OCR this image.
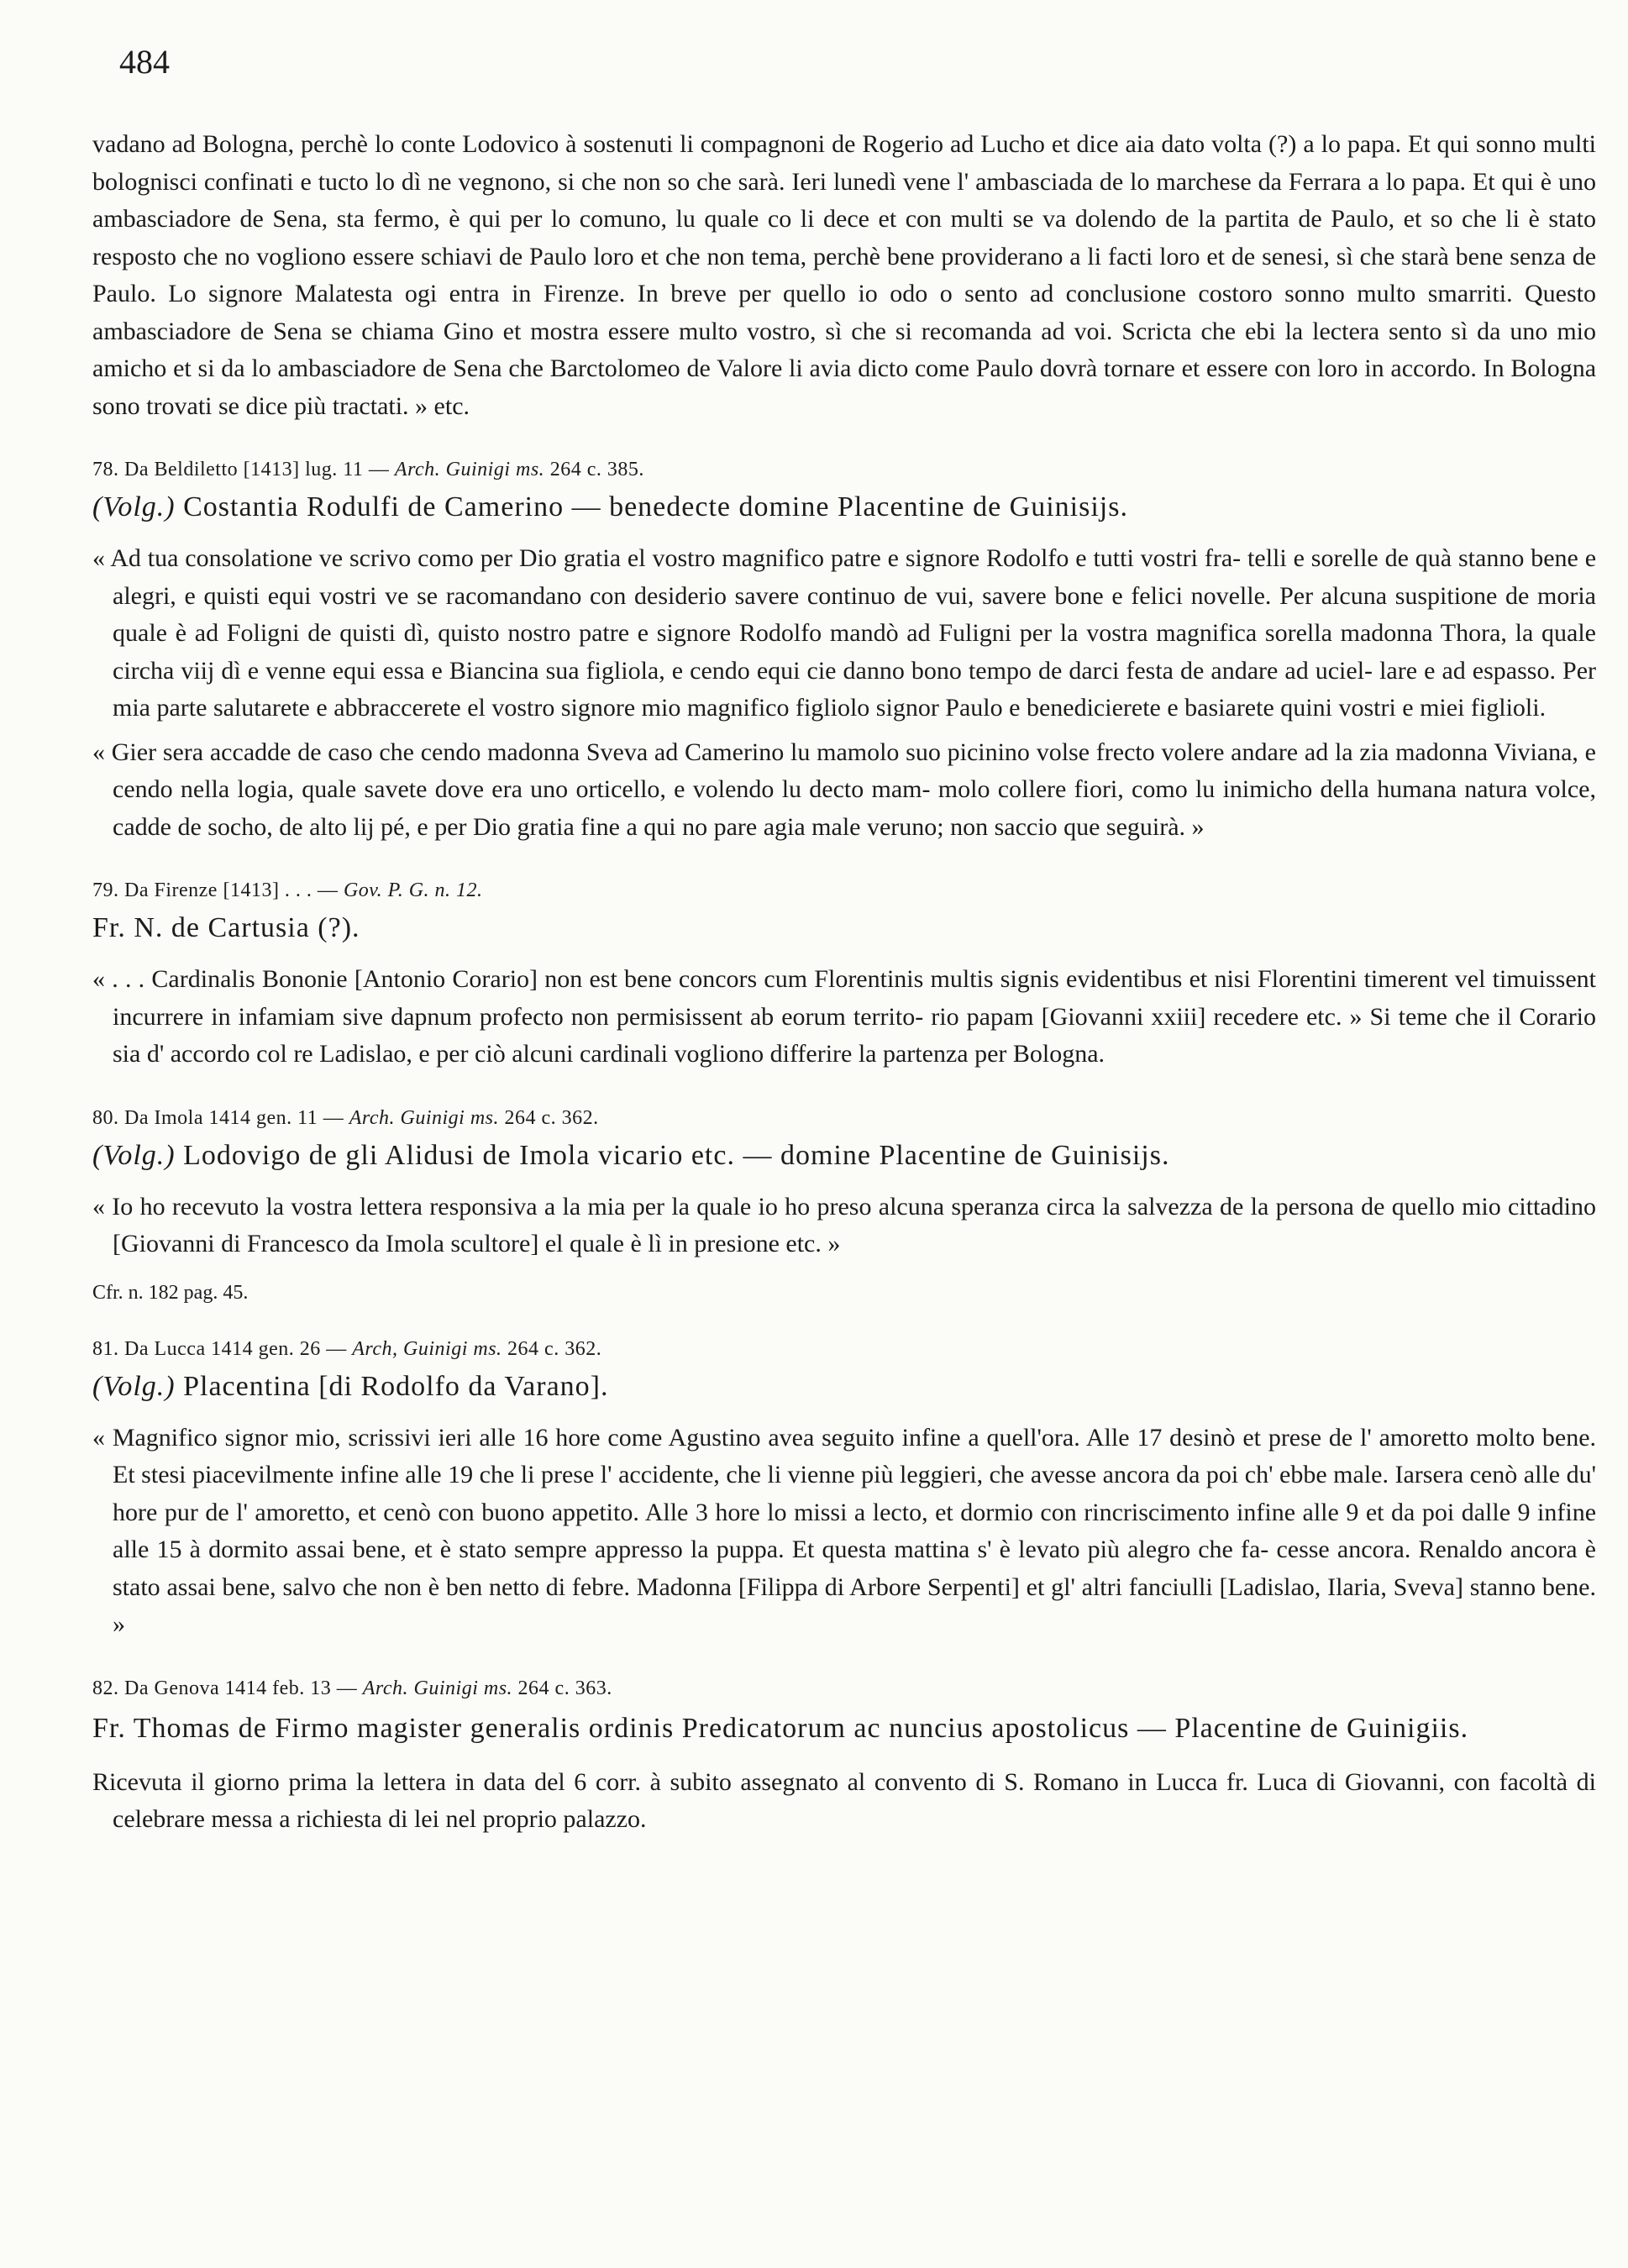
484

vadano ad Bologna, perchè lo conte Lodovico à sostenuti li compagnoni de Rogerio ad Lucho et dice aia dato volta (?) a lo papa. Et qui sonno multi bolognisci confinati e tucto lo dì ne vegnono, si che non so che sarà. Ieri lunedì vene l' ambasciada de lo marchese da Ferrara a lo papa. Et qui è uno ambasciadore de Sena, sta fermo, è qui per lo comuno, lu quale co li dece et con multi se va dolendo de la partita de Paulo, et so che li è stato resposto che no vogliono essere schiavi de Paulo loro et che non tema, perchè bene providerano a li facti loro et de senesi, sì che starà bene senza de Paulo. Lo signore Malatesta ogi entra in Firenze. In breve per quello io odo o sento ad conclusione costoro sonno multo smarriti. Questo ambasciadore de Sena se chiama Gino et mostra essere multo vostro, sì che si recomanda ad voi. Scricta che ebi la lectera sento sì da uno mio amicho et si da lo ambasciadore de Sena che Barctolomeo de Valore li avia dicto come Paulo dovrà tornare et essere con loro in accordo. In Bologna sono trovati se dice più tractati. » etc.

78. Da Beldiletto [1413] lug. 11 — Arch. Guinigi ms. 264 c. 385.
(Volg.) Costantia Rodulfi de Camerino — benedecte domine Placentine de Guinisijs.

« Ad tua consolatione ve scrivo como per Dio gratia el vostro magnifico patre e signore Rodolfo e tutti vostri fra- telli e sorelle de quà stanno bene e alegri, e quisti equi vostri ve se racomandano con desiderio savere continuo de vui, savere bone e felici novelle. Per alcuna suspitione de moria quale è ad Foligni de quisti dì, quisto nostro patre e signore Rodolfo mandò ad Fuligni per la vostra magnifica sorella madonna Thora, la quale circha viij dì e venne equi essa e Biancina sua figliola, e cendo equi cie danno bono tempo de darci festa de andare ad uciel- lare e ad espasso. Per mia parte salutarete e abbraccerete el vostro signore mio magnifico figliolo signor Paulo e benedicierete e basiarete quini vostri e miei figlioli.

« Gier sera accadde de caso che cendo madonna Sveva ad Camerino lu mamolo suo picinino volse frecto volere andare ad la zia madonna Viviana, e cendo nella logia, quale savete dove era uno orticello, e volendo lu decto mam- molo collere fiori, como lu inimicho della humana natura volce, cadde de socho, de alto lij pé, e per Dio gratia fine a qui no pare agia male veruno; non saccio que seguirà. »

79. Da Firenze [1413] . . . — Gov. P. G. n. 12.
Fr. N. de Cartusia (?).

« . . . Cardinalis Bononie [Antonio Corario] non est bene concors cum Florentinis multis signis evidentibus et nisi Florentini timerent vel timuissent incurrere in infamiam sive dapnum profecto non permisissent ab eorum territo- rio papam [Giovanni xxiii] recedere etc. » Si teme che il Corario sia d' accordo col re Ladislao, e per ciò alcuni cardinali vogliono differire la partenza per Bologna.

80. Da Imola 1414 gen. 11 — Arch. Guinigi ms. 264 c. 362.
(Volg.) Lodovigo de gli Alidusi de Imola vicario etc. — domine Placentine de Guinisijs.

« Io ho recevuto la vostra lettera responsiva a la mia per la quale io ho preso alcuna speranza circa la salvezza de la persona de quello mio cittadino [Giovanni di Francesco da Imola scultore] el quale è lì in presione etc. »

Cfr. n. 182 pag. 45.
81. Da Lucca 1414 gen. 26 — Arch, Guinigi ms. 264 c. 362.
(Volg.) Placentina [di Rodolfo da Varano].

« Magnifico signor mio, scrissivi ieri alle 16 hore come Agustino avea seguito infine a quell'ora. Alle 17 desinò et prese de l' amoretto molto bene. Et stesi piacevilmente infine alle 19 che li prese l' accidente, che li vienne più leggieri, che avesse ancora da poi ch' ebbe male. Iarsera cenò alle du' hore pur de l' amoretto, et cenò con buono appetito. Alle 3 hore lo missi a lecto, et dormio con rincriscimento infine alle 9 et da poi dalle 9 infine alle 15 à dormito assai bene, et è stato sempre appresso la puppa. Et questa mattina s' è levato più alegro che fa- cesse ancora. Renaldo ancora è stato assai bene, salvo che non è ben netto di febre. Madonna [Filippa di Arbore Serpenti] et gl' altri fanciulli [Ladislao, Ilaria, Sveva] stanno bene. »

82. Da Genova 1414 feb. 13 — Arch. Guinigi ms. 264 c. 363.
Fr. Thomas de Firmo magister generalis ordinis Predicatorum ac nuncius apostolicus — Placentine de Guinigiis.

Ricevuta il giorno prima la lettera in data del 6 corr. à subito assegnato al convento di S. Romano in Lucca fr. Luca di Giovanni, con facoltà di celebrare messa a richiesta di lei nel proprio palazzo.
